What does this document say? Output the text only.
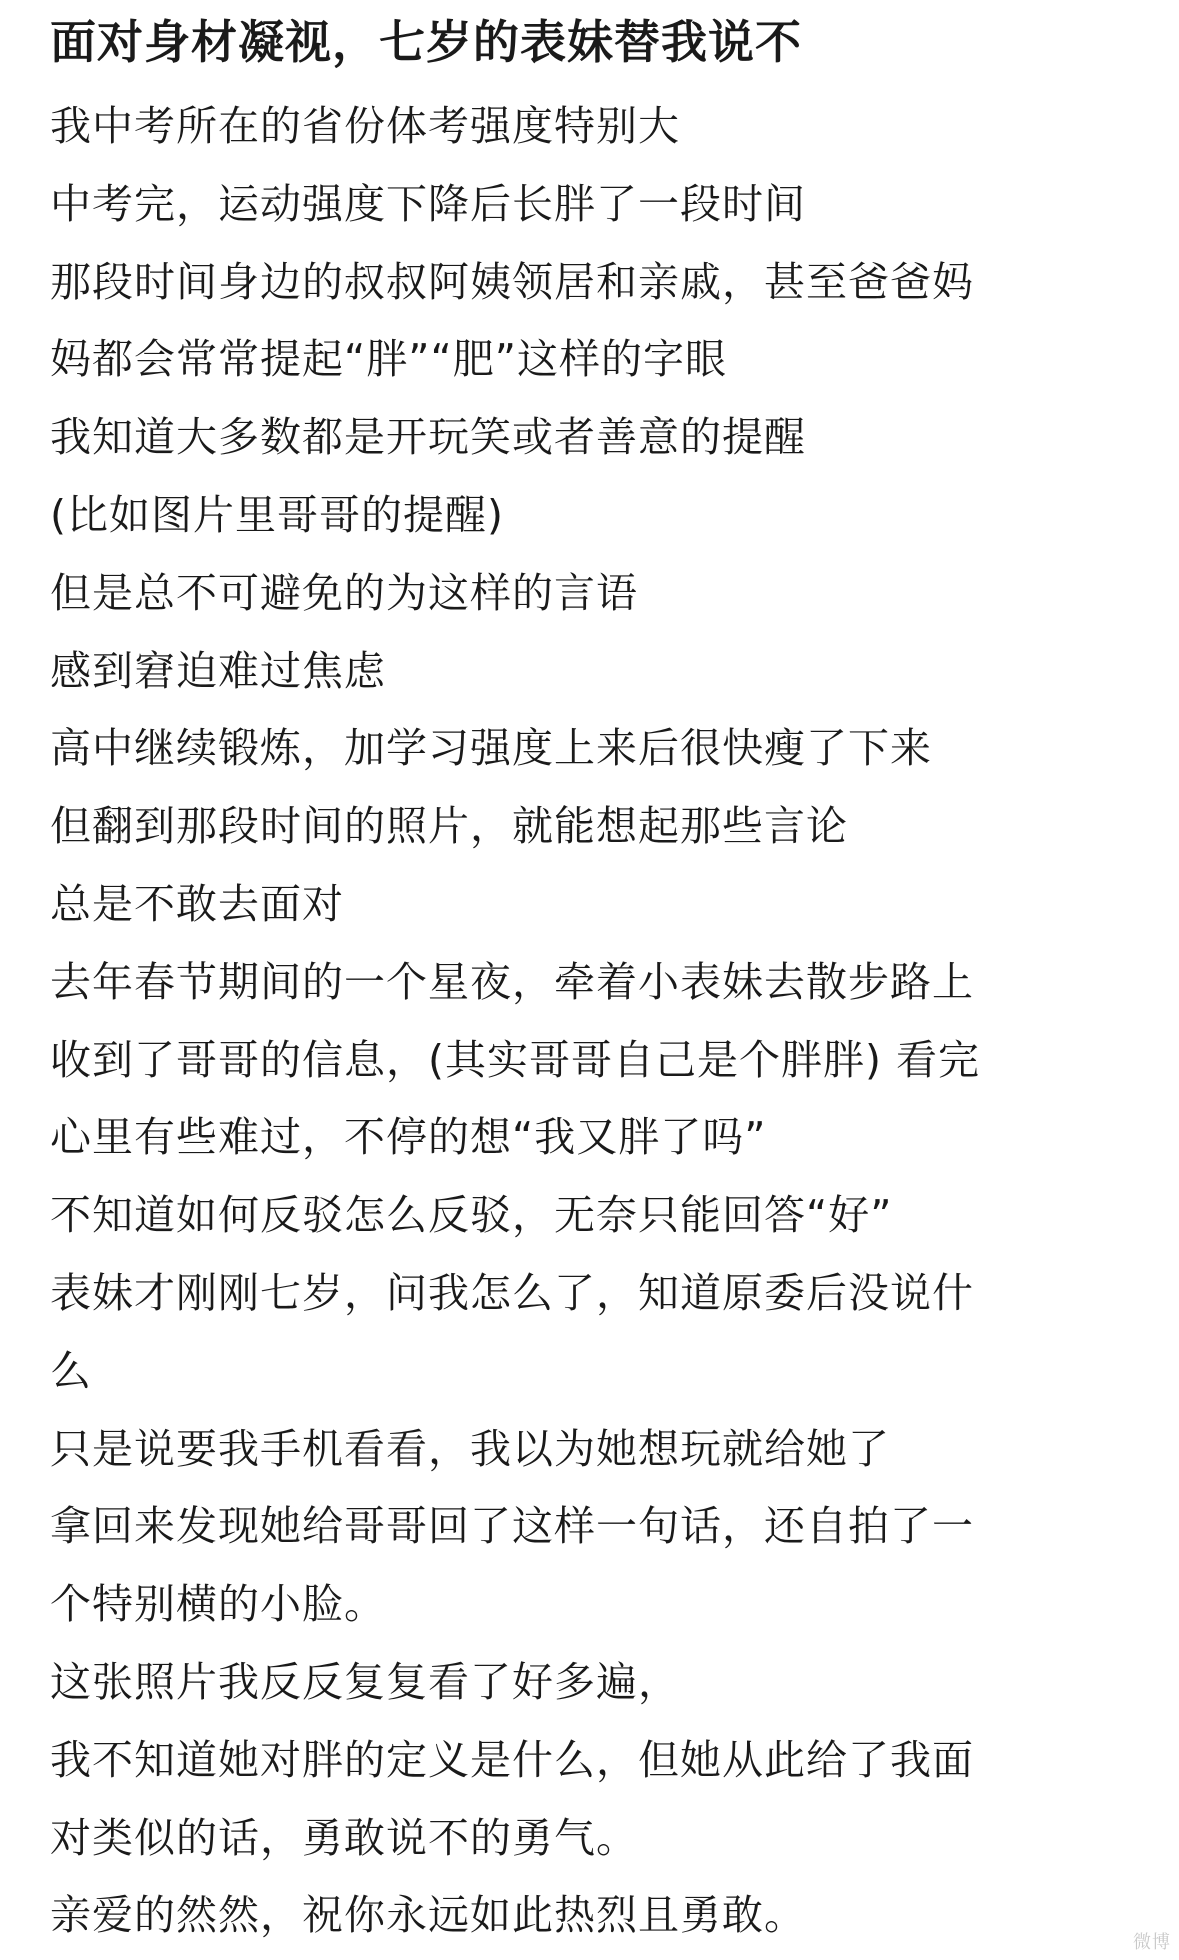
面对身材凝视，七岁的表妹替我说不
我中考所在的省份体考强度特别大
中考完，运动强度下降后长胖了一段时间
那段时间身边的叔叔阿姨领居和亲戚，甚至爸爸妈
妈都会常常提起“胖”“肥”这样的字眼
我知道大多数都是开玩笑或者善意的提醒
(比如图片里哥哥的提醒)
但是总不可避免的为这样的言语
感到窘迫难过焦虑
高中继续锻炼，加学习强度上来后很快瘦了下来
但翻到那段时间的照片，就能想起那些言论
总是不敢去面对
去年春节期间的一个星夜，牵着小表妹去散步路上
收到了哥哥的信息，(其实哥哥自己是个胖胖) 看完
心里有些难过，不停的想“我又胖了吗”
不知道如何反驳怎么反驳，无奈只能回答“好”
表妹才刚刚七岁，问我怎么了，知道原委后没说什
么
只是说要我手机看看，我以为她想玩就给她了
拿回来发现她给哥哥回了这样一句话，还自拍了一
个特别横的小脸。
这张照片我反反复复看了好多遍，
我不知道她对胖的定义是什么，但她从此给了我面
对类似的话，勇敢说不的勇气。
亲爱的然然，祝你永远如此热烈且勇敢。
微博
